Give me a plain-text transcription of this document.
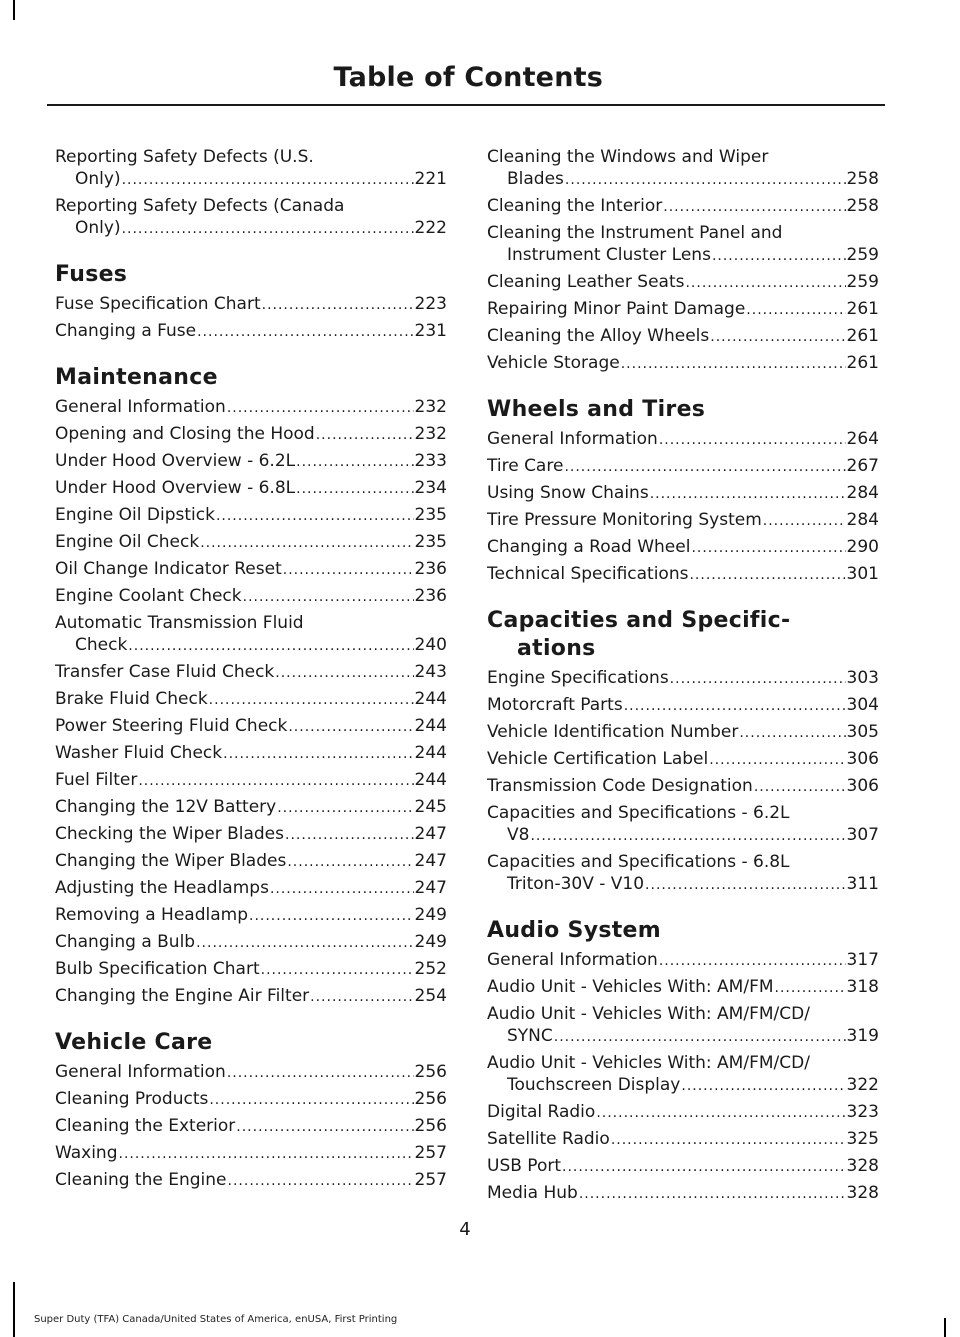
Table of Contents
Reporting Safety Defects (U.S.
Only) .....	221
Reporting Safety Defects (Canada
Only) .....	222
Fuses
Fuse Specification Chart .....	223
Changing a Fuse .....	231
Maintenance
General Information .....	232
Opening and Closing the Hood .....	232
Under Hood Overview - 6.2L .....	233
Under Hood Overview - 6.8L .....	234
Engine Oil Dipstick .....	235
Engine Oil Check .....	235
Oil Change Indicator Reset .....	236
Engine Coolant Check .....	236
Automatic Transmission Fluid
Check .....	240
Transfer Case Fluid Check .....	243
Brake Fluid Check .....	244
Power Steering Fluid Check .....	244
Washer Fluid Check .....	244
Fuel Filter .....	244
Changing the 12V Battery .....	245
Checking the Wiper Blades .....	247
Changing the Wiper Blades .....	247
Adjusting the Headlamps .....	247
Removing a Headlamp .....	249
Changing a Bulb .....	249
Bulb Specification Chart .....	252
Changing the Engine Air Filter .....	254
Vehicle Care
General Information .....	256
Cleaning Products .....	256
Cleaning the Exterior .....	256
Waxing .....	257
Cleaning the Engine .....	257
Cleaning the Windows and Wiper
Blades .....	258
Cleaning the Interior .....	258
Cleaning the Instrument Panel and
Instrument Cluster Lens .....	259
Cleaning Leather Seats .....	259
Repairing Minor Paint Damage .....	261
Cleaning the Alloy Wheels .....	261
Vehicle Storage .....	261
Wheels and Tires
General Information .....	264
Tire Care .....	267
Using Snow Chains .....	284
Tire Pressure Monitoring System .....	284
Changing a Road Wheel .....	290
Technical Specifications .....	301
Capacities and Specific-
ations
Engine Specifications .....	303
Motorcraft Parts .....	304
Vehicle Identification Number .....	305
Vehicle Certification Label .....	306
Transmission Code Designation .....	306
Capacities and Specifications - 6.2L
V8 .....	307
Capacities and Specifications - 6.8L
Triton-30V - V10 .....	311
Audio System
General Information .....	317
Audio Unit - Vehicles With: AM/FM .....	318
Audio Unit - Vehicles With: AM/FM/CD/
SYNC .....	319
Audio Unit - Vehicles With: AM/FM/CD/
Touchscreen Display .....	322
Digital Radio .....	323
Satellite Radio .....	325
USB Port .....	328
Media Hub .....	328
4
Super Duty (TFA) Canada/United States of America, enUSA, First Printing
